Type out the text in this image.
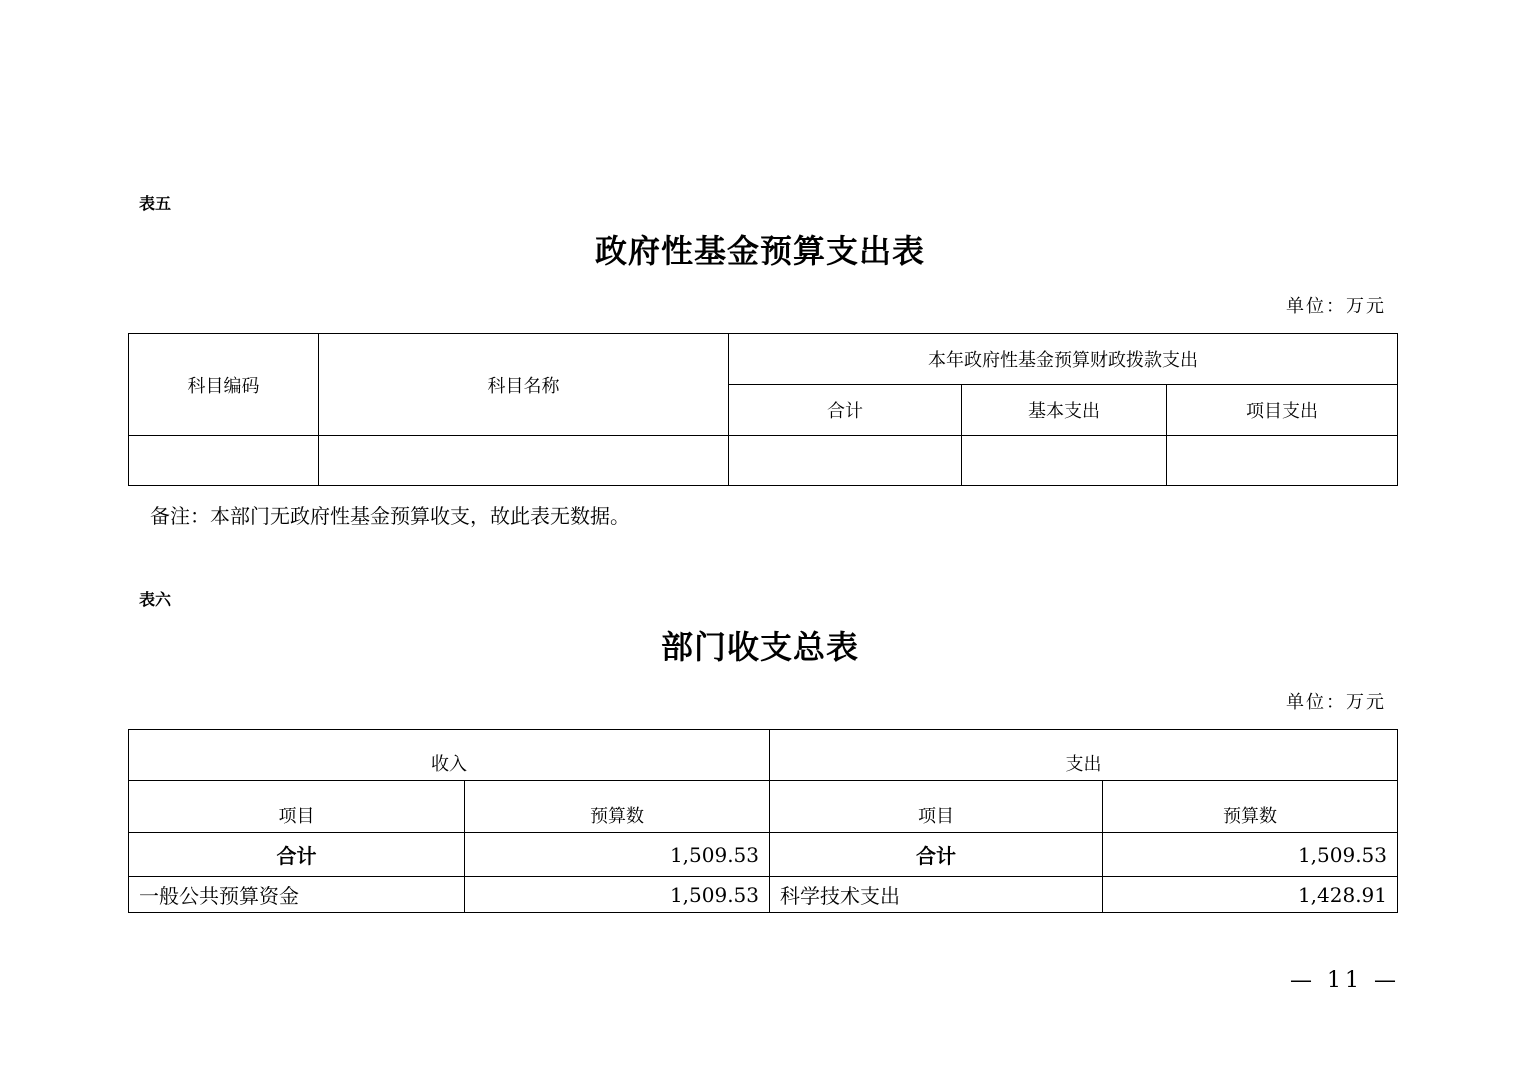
表五
政府性基金预算支出表
单位：万元
科目编码	科目名称	本年政府性基金预算财政拨款支出		
		合计	基本支出	项目支出

备注：本部门无政府性基金预算收支，故此表无数据。
表六
部门收支总表
单位：万元
收入		支出	
项目	预算数	项目	预算数
合计	1,509.53	合计	1,509.53
一般公共预算资金	1,509.53	科学技术支出	1,428.91
— 11 —
